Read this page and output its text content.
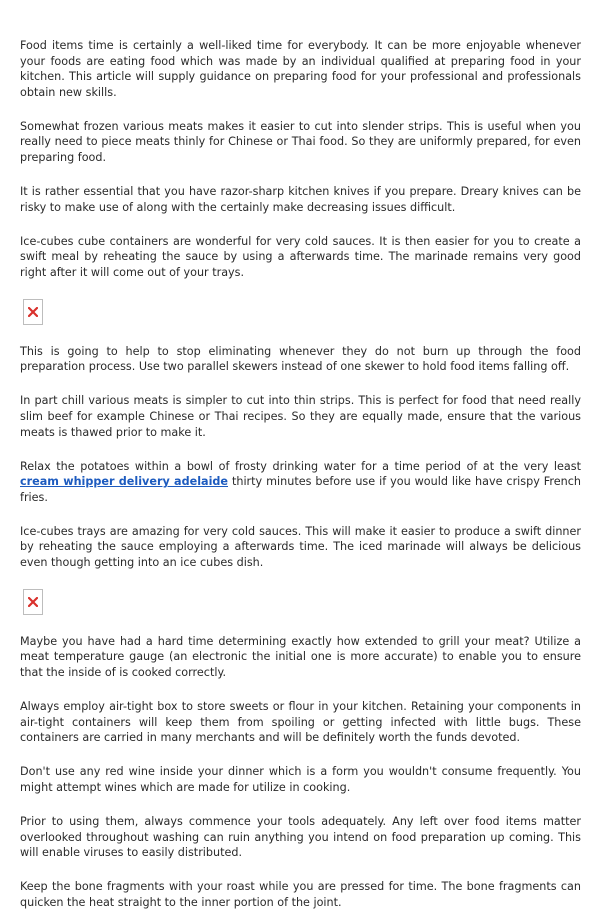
Food items time is certainly a well-liked time for everybody. It can be more enjoyable whenever your foods are eating food which was made by an individual qualified at preparing food in your kitchen. This article will supply guidance on preparing food for your professional and professionals obtain new skills.

Somewhat frozen various meats makes it easier to cut into slender strips. This is useful when you really need to piece meats thinly for Chinese or Thai food. So they are uniformly prepared, for even preparing food.

It is rather essential that you have razor-sharp kitchen knives if you prepare. Dreary knives can be risky to make use of along with the certainly make decreasing issues difficult.

Ice-cubes cube containers are wonderful for very cold sauces. It is then easier for you to create a swift meal by reheating the sauce by using a afterwards time. The marinade remains very good right after it will come out of your trays.

This is going to help to stop eliminating whenever they do not burn up through the food preparation process. Use two parallel skewers instead of one skewer to hold food items falling off.

In part chill various meats is simpler to cut into thin strips. This is perfect for food that need really slim beef for example Chinese or Thai recipes. So they are equally made, ensure that the various meats is thawed prior to make it.

Relax the potatoes within a bowl of frosty drinking water for a time period of at the very least cream whipper delivery adelaide thirty minutes before use if you would like have crispy French fries.

Ice-cubes trays are amazing for very cold sauces. This will make it easier to produce a swift dinner by reheating the sauce employing a afterwards time. The iced marinade will always be delicious even though getting into an ice cubes dish.

Maybe you have had a hard time determining exactly how extended to grill your meat? Utilize a meat temperature gauge (an electronic the initial one is more accurate) to enable you to ensure that the inside of is cooked correctly.

Always employ air-tight box to store sweets or flour in your kitchen. Retaining your components in air-tight containers will keep them from spoiling or getting infected with little bugs. These containers are carried in many merchants and will be definitely worth the funds devoted.

Don't use any red wine inside your dinner which is a form you wouldn't consume frequently. You might attempt wines which are made for utilize in cooking.

Prior to using them, always commence your tools adequately. Any left over food items matter overlooked throughout washing can ruin anything you intend on food preparation up coming. This will enable viruses to easily distributed.

Keep the bone fragments with your roast while you are pressed for time. The bone fragments can quicken the heat straight to the inner portion of the joint.
